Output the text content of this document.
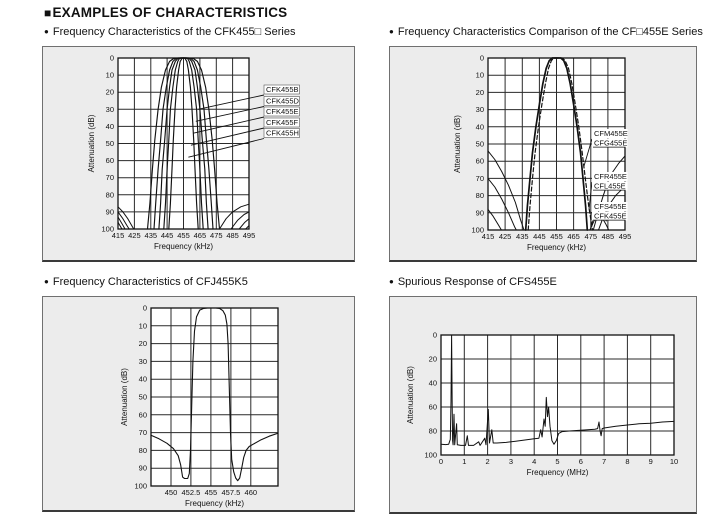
■EXAMPLES OF CHARACTERISTICS
● Frequency Characteristics of the CFK455□ Series	● Frequency Characteristics Comparison of the CF□455E Series
● Frequency Characteristics of CFJ455K5	● Spurious Response of CFS455E
415 425 435 445 455 465 475 485 495
0
10
20
30
40
50
60
70
80
90
100
Frequency (kHz)
Attenuation (dB)
CFK455B
CFK455D
CFK455E
CFK455F
CFK455H
415 425 435 445 455 465 475 485 495
0
10
20
30
40
50
60
70
80
90
100
Frequency (kHz)
Attenuation (dB)	CFM455E
CFG455E
CFR455E
CFL455E
CFS455E
CFK455E
450 452.5 455 457.5 460
0
10
20
30
40
50
60
70
80
90
100
Frequency (kHz)
Attenuation (dB)
0	1	2	3	4	5	6	7	8	9 10
0
20
40
60
80
100
Frequency (MHz)
Attenuation (dB)
